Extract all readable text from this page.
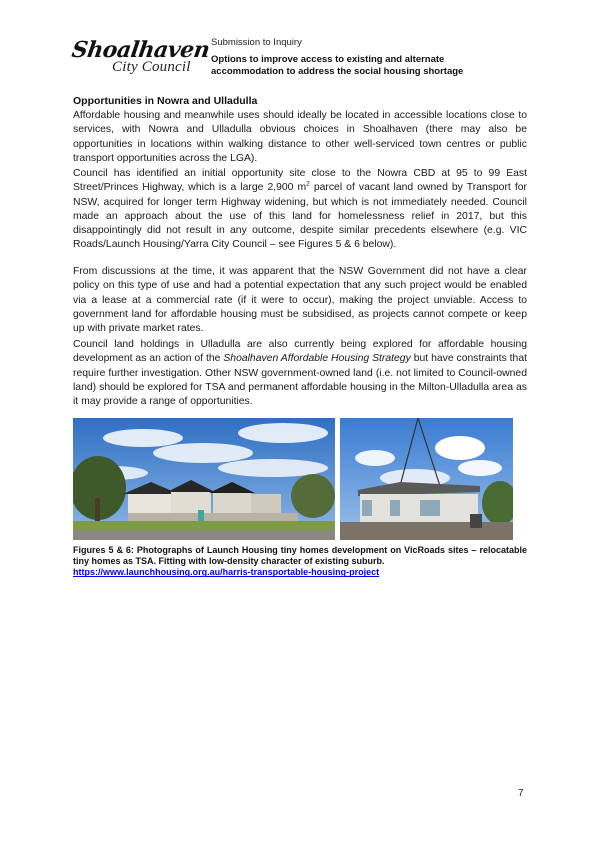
Shoalhaven
City Council
Submission to Inquiry
Options to improve access to existing and alternate accommodation to address the social housing shortage
Opportunities in Nowra and Ulladulla

Affordable housing and meanwhile uses should ideally be located in accessible locations close to services, with Nowra and Ulladulla obvious choices in Shoalhaven (there may also be opportunities in locations within walking distance to other well-serviced town centres or public transport opportunities across the LGA).

Council has identified an initial opportunity site close to the Nowra CBD at 95 to 99 East Street/Princes Highway, which is a large 2,900 $m^2$ parcel of vacant land owned by Transport for NSW, acquired for longer term Highway widening, but which is not immediately needed. Council made an approach about the use of this land for homelessness relief in 2017, but this disappointingly did not result in any outcome, despite similar precedents elsewhere (e.g. VIC Roads/Launch Housing/Yarra City Council – see Figures 5 & 6 below).

From discussions at the time, it was apparent that the NSW Government did not have a clear policy on this type of use and had a potential expectation that any such project would be enabled via a lease at a commercial rate (if it were to occur), making the project unviable. Access to government land for affordable housing must be subsidised, as projects cannot compete or keep up with private market rates.

Council land holdings in Ulladulla are also currently being explored for affordable housing development as an action of the Shoalhaven Affordable Housing Strategy but have constraints that require further investigation. Other NSW government-owned land (i.e. not limited to Council-owned land) should be explored for TSA and permanent affordable housing in the Milton-Ulladulla area as it may provide a range of opportunities.

Figures 5 & 6: Photographs of Launch Housing tiny homes development on VicRoads sites – relocatable tiny homes as TSA. Fitting with low-density character of existing suburb.
https://www.launchhousing.org.au/harris-transportable-housing-project
7
